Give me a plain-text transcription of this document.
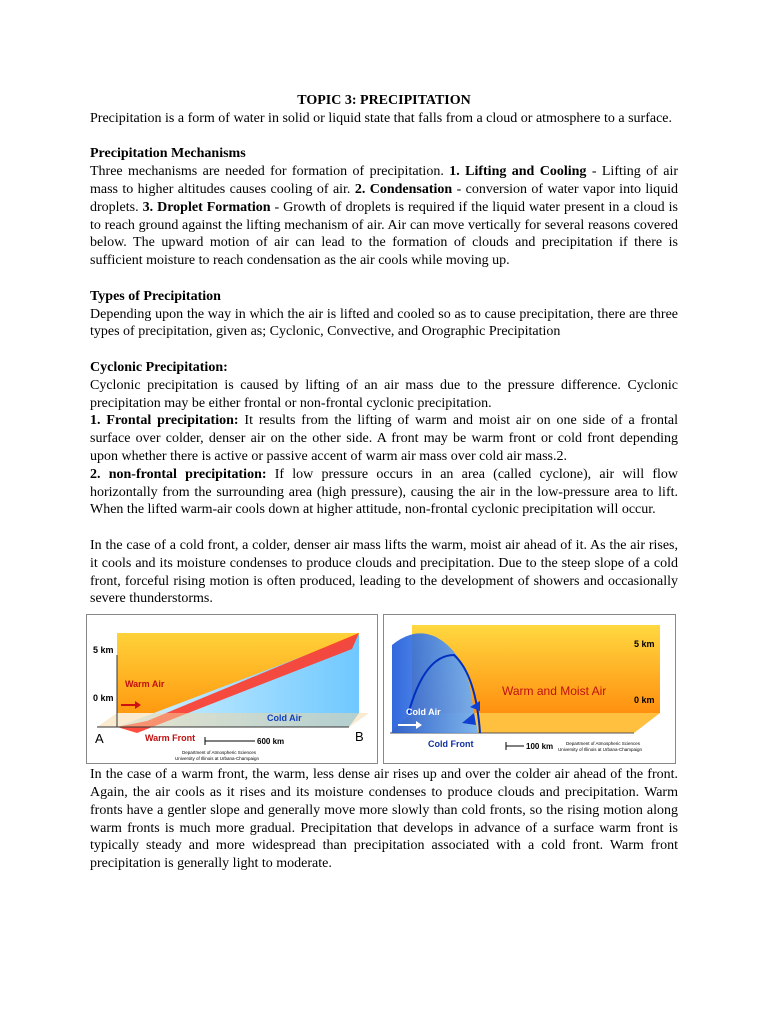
TOPIC 3: PRECIPITATION

Precipitation is a form of water in solid or liquid state that falls from a cloud or atmosphere to a surface.

Precipitation Mechanisms

Three mechanisms are needed for formation of precipitation. 1. Lifting and Cooling - Lifting of air mass to higher altitudes causes cooling of air. 2. Condensation - conversion of water vapor into liquid droplets. 3. Droplet Formation - Growth of droplets is required if the liquid water present in a cloud is to reach ground against the lifting mechanism of air. Air can move vertically for several reasons covered below. The upward motion of air can lead to the formation of clouds and precipitation if there is sufficient moisture to reach condensation as the air cools while moving up.

Types of Precipitation

Depending upon the way in which the air is lifted and cooled so as to cause precipitation, there are three types of precipitation, given as; Cyclonic, Convective, and Orographic Precipitation

Cyclonic Precipitation:

Cyclonic precipitation is caused by lifting of an air mass due to the pressure difference. Cyclonic precipitation may be either frontal or non-frontal cyclonic precipitation.

1. Frontal precipitation: It results from the lifting of warm and moist air on one side of a frontal surface over colder, denser air on the other side. A front may be warm front or cold front depending upon whether there is active or passive accent of warm air mass over cold air mass.2.

2. non-frontal precipitation: If low pressure occurs in an area (called cyclone), air will flow horizontally from the surrounding area (high pressure), causing the air in the low-pressure area to lift. When the lifted warm-air cools down at higher attitude, non-frontal cyclonic precipitation will occur.

In the case of a cold front, a colder, denser air mass lifts the warm, moist air ahead of it. As the air rises, it cools and its moisture condenses to produce clouds and precipitation. Due to the steep slope of a cold front, forceful rising motion is often produced, leading to the development of showers and occasionally severe thunderstorms.

5 km
0 km
Warm Air
Cold Air
Warm Front
A	B
600 km
Department of Atmospheric Sciences
University of Illinois at Urbana-Champaign
5 km
0 km
Warm and Moist Air
Cold Air
Cold Front	100 km	Department of Atmospheric Sciences
University of Illinois at Urbana-Champaign

In the case of a warm front, the warm, less dense air rises up and over the colder air ahead of the front. Again, the air cools as it rises and its moisture condenses to produce clouds and precipitation. Warm fronts have a gentler slope and generally move more slowly than cold fronts, so the rising motion along warm fronts is much more gradual. Precipitation that develops in advance of a surface warm front is typically steady and more widespread than precipitation associated with a cold front. Warm front precipitation is generally light to moderate.
